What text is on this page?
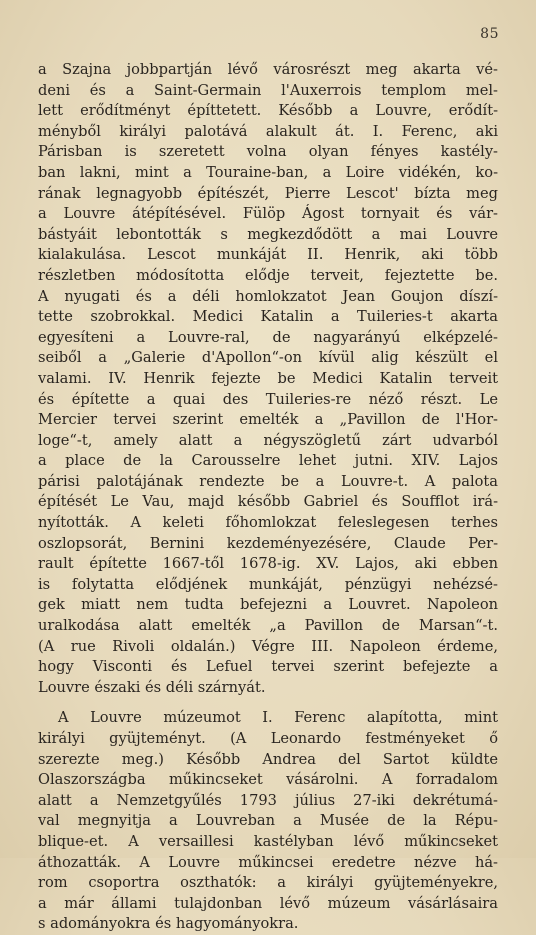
85
a Szajna jobbpartján lévő városrészt meg akarta vé-
deni és a Saint-Germain l'Auxerrois templom mel-
lett erődítményt építtetett. Később a Louvre, erődít-
ményből királyi palotává alakult át. I. Ferenc, aki
Párisban is szeretett volna olyan fényes kastély-
ban lakni, mint a Touraine-ban, a Loire vidékén, ko-
rának legnagyobb építészét, Pierre Lescot' bízta meg
a Louvre átépítésével. Fülöp Ágost tornyait és vár-
bástyáit lebontották s megkezdődött a mai Louvre
kialakulása. Lescot munkáját II. Henrik, aki több
részletben módosította elődje terveit, fejeztette be.
A nyugati és a déli homlokzatot Jean Goujon díszí-
tette szobrokkal. Medici Katalin a Tuileries-t akarta
egyesíteni a Louvre-ral, de nagyarányú elképzelé-
seiből a „Galerie d'Apollon“-on kívül alig készült el
valami. IV. Henrik fejezte be Medici Katalin terveit
és építette a quai des Tuileries-re néző részt. Le
Mercier tervei szerint emelték a „Pavillon de l'Hor-
loge“-t, amely alatt a négyszögletű zárt udvarból
a place de la Carousselre lehet jutni. XIV. Lajos
párisi palotájának rendezte be a Louvre-t. A palota
építését Le Vau, majd később Gabriel és Soufflot irá-
nyították. A keleti főhomlokzat feleslegesen terhes
oszlopsorát, Bernini kezdeményezésére, Claude Per-
rault építette 1667-től 1678-ig. XV. Lajos, aki ebben
is folytatta elődjének munkáját, pénzügyi nehézsé-
gek miatt nem tudta befejezni a Louvret. Napoleon
uralkodása alatt emelték „a Pavillon de Marsan“-t.
(A rue Rivoli oldalán.) Végre III. Napoleon érdeme,
hogy Visconti és Lefuel tervei szerint befejezte a
Louvre északi és déli szárnyát.
A Louvre múzeumot I. Ferenc alapította, mint
királyi gyüjteményt. (A Leonardo festményeket ő
szerezte meg.) Később Andrea del Sartot küldte
Olaszországba műkincseket vásárolni. A forradalom
alatt a Nemzetgyűlés 1793 július 27-iki dekrétumá-
val megnyitja a Louvreban a Musée de la Répu-
blique-et. A versaillesi kastélyban lévő műkincseket
áthozatták. A Louvre műkincsei eredetre nézve há-
rom csoportra oszthatók: a királyi gyüjteményekre,
a már állami tulajdonban lévő múzeum vásárlásaira
s adományokra és hagyományokra.
